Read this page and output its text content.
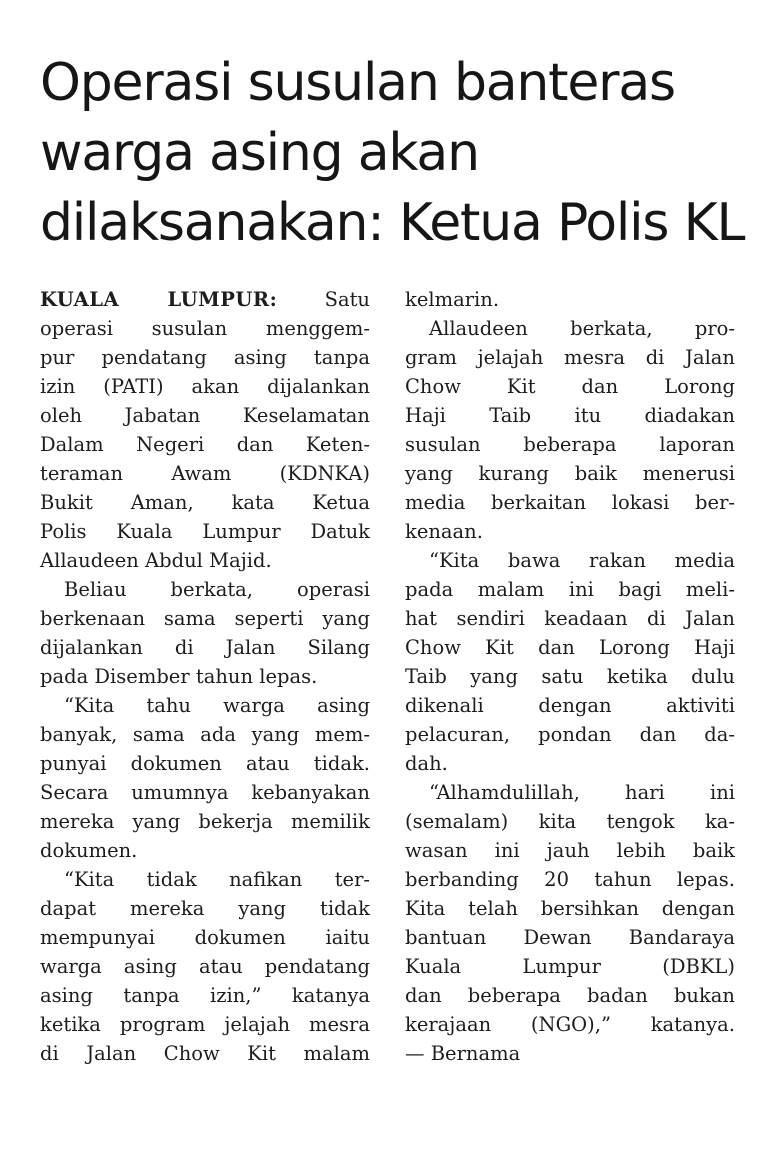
Operasi susulan banteras
warga asing akan
dilaksanakan: Ketua Polis KL
KUALA LUMPUR: Satu
operasi susulan menggem-
pur pendatang asing tanpa
izin (PATI) akan dijalankan
oleh Jabatan Keselamatan
Dalam Negeri dan Keten-
teraman Awam (KDNKA)
Bukit Aman, kata Ketua
Polis Kuala Lumpur Datuk
Allaudeen Abdul Majid.
Beliau berkata, operasi
berkenaan sama seperti yang
dijalankan di Jalan Silang
pada Disember tahun lepas.
“Kita tahu warga asing
banyak, sama ada yang mem-
punyai dokumen atau tidak.
Secara umumnya kebanyakan
mereka yang bekerja memilik
dokumen.
“Kita tidak nafikan ter-
dapat mereka yang tidak
mempunyai dokumen iaitu
warga asing atau pendatang
asing tanpa izin,” katanya
ketika program jelajah mesra
di Jalan Chow Kit malam
kelmarin.
Allaudeen berkata, pro-
gram jelajah mesra di Jalan
Chow Kit dan Lorong
Haji Taib itu diadakan
susulan beberapa laporan
yang kurang baik menerusi
media berkaitan lokasi ber-
kenaan.
“Kita bawa rakan media
pada malam ini bagi meli-
hat sendiri keadaan di Jalan
Chow Kit dan Lorong Haji
Taib yang satu ketika dulu
dikenali dengan aktiviti
pelacuran, pondan dan da-
dah.
“Alhamdulillah, hari ini
(semalam) kita tengok ka-
wasan ini jauh lebih baik
berbanding 20 tahun lepas.
Kita telah bersihkan dengan
bantuan Dewan Bandaraya
Kuala Lumpur (DBKL)
dan beberapa badan bukan
kerajaan (NGO),” katanya.
— Bernama
